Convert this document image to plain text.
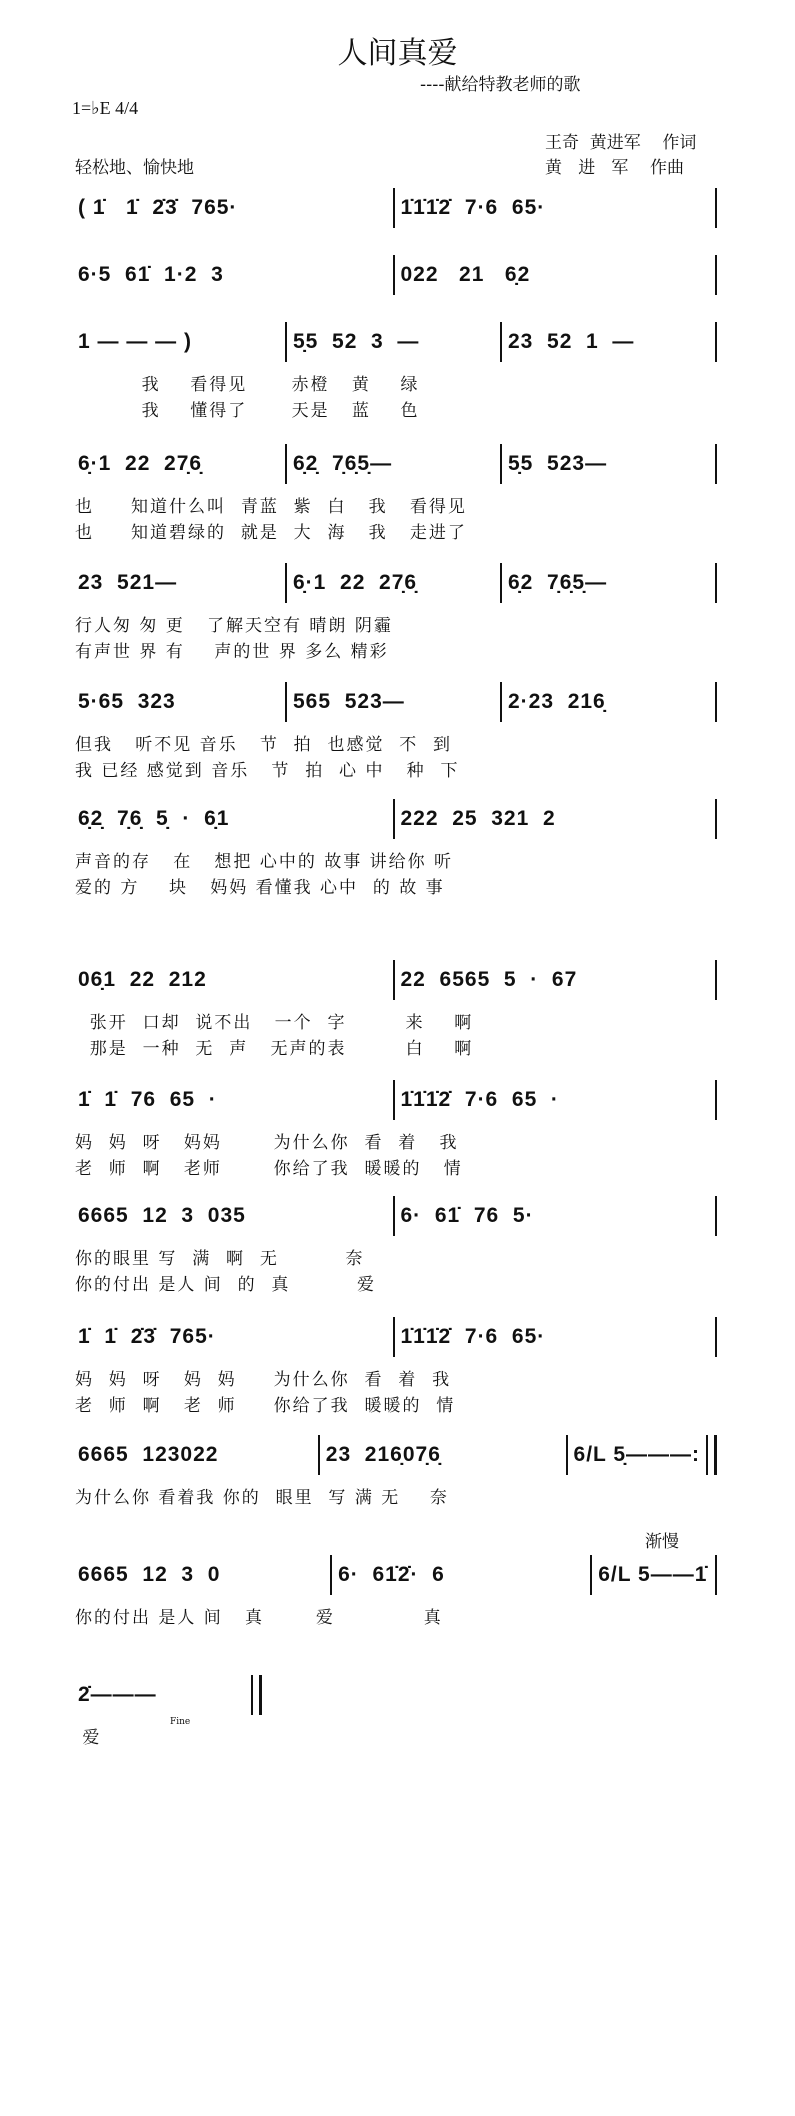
人间真爱
----献给特教老师的歌
1=♭E 4/4
王奇  黄进军    作词
黄   进   军    作曲
轻松地、愉快地
渐慢
Fine
( 1̇   1̇  2̇3̇  765·	1̇1̇1̇2̇  7·6  65·
6·5  61̇  1·2  3	022   21   6̣2
1 — — — )	5̣5  52  3  —	23  52  1  —
我    看得见      赤橙   黄    绿
我    懂得了      天是   蓝    色
6̣·1  22  27̣6̣	6̣2̣  7̣6̣5̣—	5̣5  523—
也     知道什么叫  青蓝  紫  白   我   看得见
也     知道碧绿的  就是  大  海   我   走进了
23  521—	6̣·1  22  27̣6̣	6̣2  7̣6̣5̣—
行人匆 匆 更   了解天空有 晴朗 阴霾
有声世 界 有    声的世 界 多么 精彩
5·65  323	565  523—	2·23  216̣
但我   听不见 音乐   节  拍  也感觉  不  到
我 已经 感觉到 音乐   节  拍  心 中   种  下
6̣2̣  7̣6̣  5̣  ·  6̣1	222  25  321  2
声音的存   在   想把 心中的 故事 讲给你 听
爱的 方    块   妈妈 看懂我 心中  的 故 事
06̣1  22  212	22  6565  5  ·  67
张开  口却  说不出   一个  字        来    啊
那是  一种  无  声   无声的表        白    啊
1̇  1̇  76  65  ·	1̇1̇1̇2̇  7·6  65  ·
妈  妈  呀   妈妈       为什么你  看  着   我
老  师  啊   老师       你给了我  暖暖的   情
6665  12  3  035	6·  61̇  76  5·
你的眼里 写  满  啊  无         奈
你的付出 是人 间  的  真         爱
1̇  1̇  2̇3̇  765·	1̇1̇1̇2̇  7·6  65·
妈  妈  呀   妈  妈     为什么你  看  着  我
老  师  啊   老  师     你给了我  暖暖的  情
6665  123022	23  216̣07̣6̣	6/L 5̣———:
为什么你 看着我 你的  眼里  写 满 无    奈
6665  12  3  0	6·  61̇2̇·  6	6/L 5——1̇
你的付出 是人 间   真       爱            真
2̇———
爱
